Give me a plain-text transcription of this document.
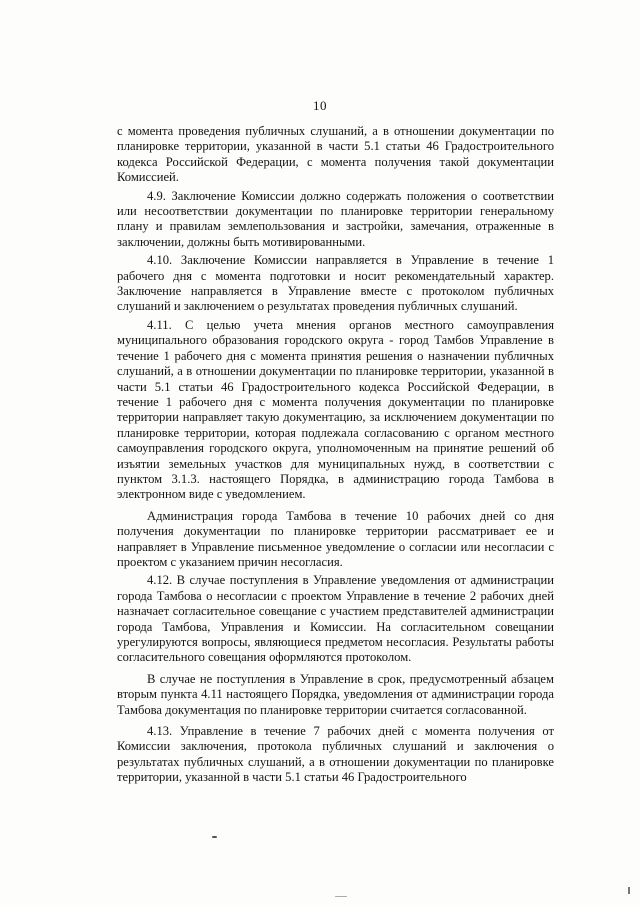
10

с момента проведения публичных слушаний, а в отношении документации по планировке территории, указанной в части 5.1 статьи 46 Градостроительного кодекса Российской Федерации, с момента получения такой документации Комиссией.

4.9. Заключение Комиссии должно содержать положения о соответствии или несоответствии документации по планировке территории генеральному плану и правилам землепользования и застройки, замечания, отраженные в заключении, должны быть мотивированными.

4.10. Заключение Комиссии направляется в Управление в течение 1 рабочего дня с момента подготовки и носит рекомендательный характер. Заключение направляется в Управление вместе с протоколом публичных слушаний и заключением о результатах проведения публичных слушаний.

4.11. С целью учета мнения органов местного самоуправления муниципального образования городского округа - город Тамбов Управление в течение 1 рабочего дня с момента принятия решения о назначении публичных слушаний, а в отношении документации по планировке территории, указанной в части 5.1 статьи 46 Градостроительного кодекса Российской Федерации, в течение 1 рабочего дня с момента получения документации по планировке территории направляет такую документацию, за исключением документации по планировке территории, которая подлежала согласованию с органом местного самоуправления городского округа, уполномоченным на принятие решений об изъятии земельных участков для муниципальных нужд, в соответствии с пунктом 3.1.3. настоящего Порядка, в администрацию города Тамбова в электронном виде с уведомлением.

Администрация города Тамбова в течение 10 рабочих дней со дня получения документации по планировке территории рассматривает ее и направляет в Управление письменное уведомление о согласии или несогласии с проектом с указанием причин несогласия.

4.12. В случае поступления в Управление уведомления от администрации города Тамбова о несогласии с проектом Управление в течение 2 рабочих дней назначает согласительное совещание с участием представителей администрации города Тамбова, Управления и Комиссии. На согласительном совещании урегулируются вопросы, являющиеся предметом несогласия. Результаты работы согласительного совещания оформляются протоколом.

В случае не поступления в Управление в срок, предусмотренный абзацем вторым пункта 4.11 настоящего Порядка, уведомления от администрации города Тамбова документация по планировке территории считается согласованной.

4.13. Управление в течение 7 рабочих дней с момента получения от Комиссии заключения, протокола публичных слушаний и заключения о результатах публичных слушаний, а в отношении документации по планировке территории, указанной в части 5.1 статьи 46 Градостроительного
